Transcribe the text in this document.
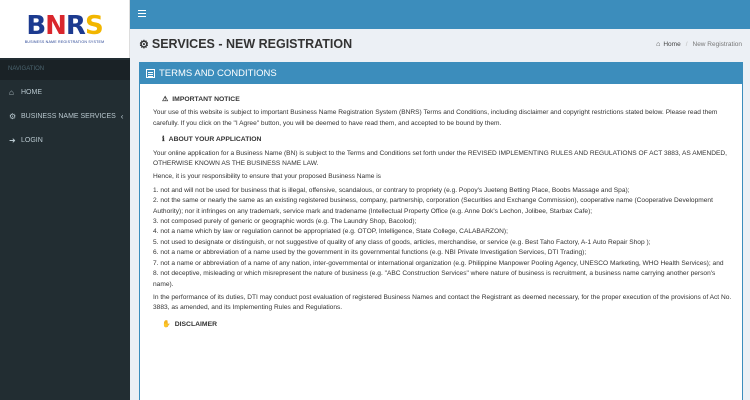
BNRS
BUSINESS NAME REGISTRATION SYSTEM
NAVIGATION
⌂	HOME
⚙ BUSINESS NAME SERVICES ‹
➜ LOGIN
⚙ SERVICES - NEW REGISTRATION	⌂ Home / New Registration
TERMS AND CONDITIONS
⚠ IMPORTANT NOTICE

Your use of this website is subject to important Business Name Registration System (BNRS) Terms and Conditions, including disclaimer and copyright restrictions stated below. Please read them carefully. If you click on the "I Agree" button, you will be deemed to have read them, and accepted to be bound by them.

ℹ ABOUT YOUR APPLICATION

Your online application for a Business Name (BN) is subject to the Terms and Conditions set forth under the REVISED IMPLEMENTING RULES AND REGULATIONS OF ACT 3883, AS AMENDED, OTHERWISE KNOWN AS THE BUSINESS NAME LAW.

Hence, it is your responsibility to ensure that your proposed Business Name is

1. not and will not be used for business that is illegal, offensive, scandalous, or contrary to propriety (e.g. Popoy's Jueteng Betting Place, Boobs Massage and Spa);
2. not the same or nearly the same as an existing registered business, company, partnership, corporation (Securities and Exchange Commission), cooperative name (Cooperative Development Authority); nor it infringes on any trademark, service mark and tradename (Intellectual Property Office (e.g. Anne Dok's Lechon, Jolibee, Starbax Cafe);
3. not composed purely of generic or geographic words (e.g. The Laundry Shop, Bacolod);
4. not a name which by law or regulation cannot be appropriated (e.g. OTOP, Intelligence, State College, CALABARZON);
5. not used to designate or distinguish, or not suggestive of quality of any class of goods, articles, merchandise, or service (e.g. Best Taho Factory, A-1 Auto Repair Shop );
6. not a name or abbreviation of a name used by the government in its governmental functions (e.g. NBI Private Investigation Services, DTI Trading);
7. not a name or abbreviation of a name of any nation, inter-governmental or international organization (e.g. Philippine Manpower Pooling Agency, UNESCO Marketing, WHO Health Services); and
8. not deceptive, misleading or which misrepresent the nature of business (e.g. "ABC Construction Services" where nature of business is recruitment, a business name carrying another person's name).

In the performance of its duties, DTI may conduct post evaluation of registered Business Names and contact the Registrant as deemed necessary, for the proper execution of the provisions of Act No. 3883, as amended, and its Implementing Rules and Regulations.

✋ DISCLAIMER
